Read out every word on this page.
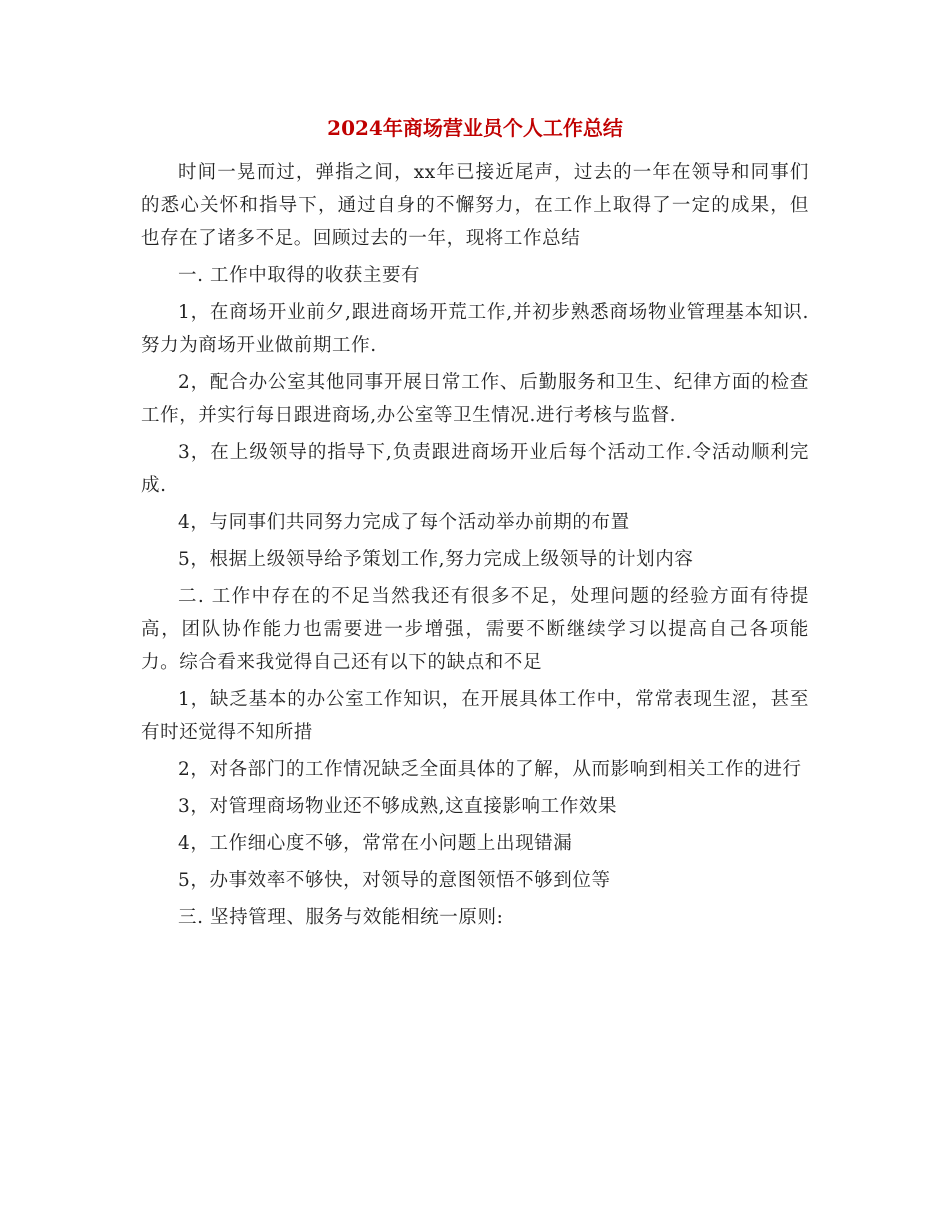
2024年商场营业员个人工作总结

时间一晃而过，弹指之间，xx年已接近尾声，过去的一年在领导和同事们的悉心关怀和指导下，通过自身的不懈努力，在工作上取得了一定的成果，但也存在了诸多不足。回顾过去的一年，现将工作总结

一. 工作中取得的收获主要有

1，在商场开业前夕,跟进商场开荒工作,并初步熟悉商场物业管理基本知识.努力为商场开业做前期工作.

2，配合办公室其他同事开展日常工作、后勤服务和卫生、纪律方面的检查工作，并实行每日跟进商场,办公室等卫生情况.进行考核与监督.

3，在上级领导的指导下,负责跟进商场开业后每个活动工作.令活动顺利完成.

4，与同事们共同努力完成了每个活动举办前期的布置

5，根据上级领导给予策划工作,努力完成上级领导的计划内容

二. 工作中存在的不足当然我还有很多不足，处理问题的经验方面有待提高，团队协作能力也需要进一步增强，需要不断继续学习以提高自己各项能力。综合看来我觉得自己还有以下的缺点和不足

1，缺乏基本的办公室工作知识，在开展具体工作中，常常表现生涩，甚至有时还觉得不知所措

2，对各部门的工作情况缺乏全面具体的了解，从而影响到相关工作的进行

3，对管理商场物业还不够成熟,这直接影响工作效果

4，工作细心度不够，常常在小问题上出现错漏

5，办事效率不够快，对领导的意图领悟不够到位等

三. 坚持管理、服务与效能相统一原则:
